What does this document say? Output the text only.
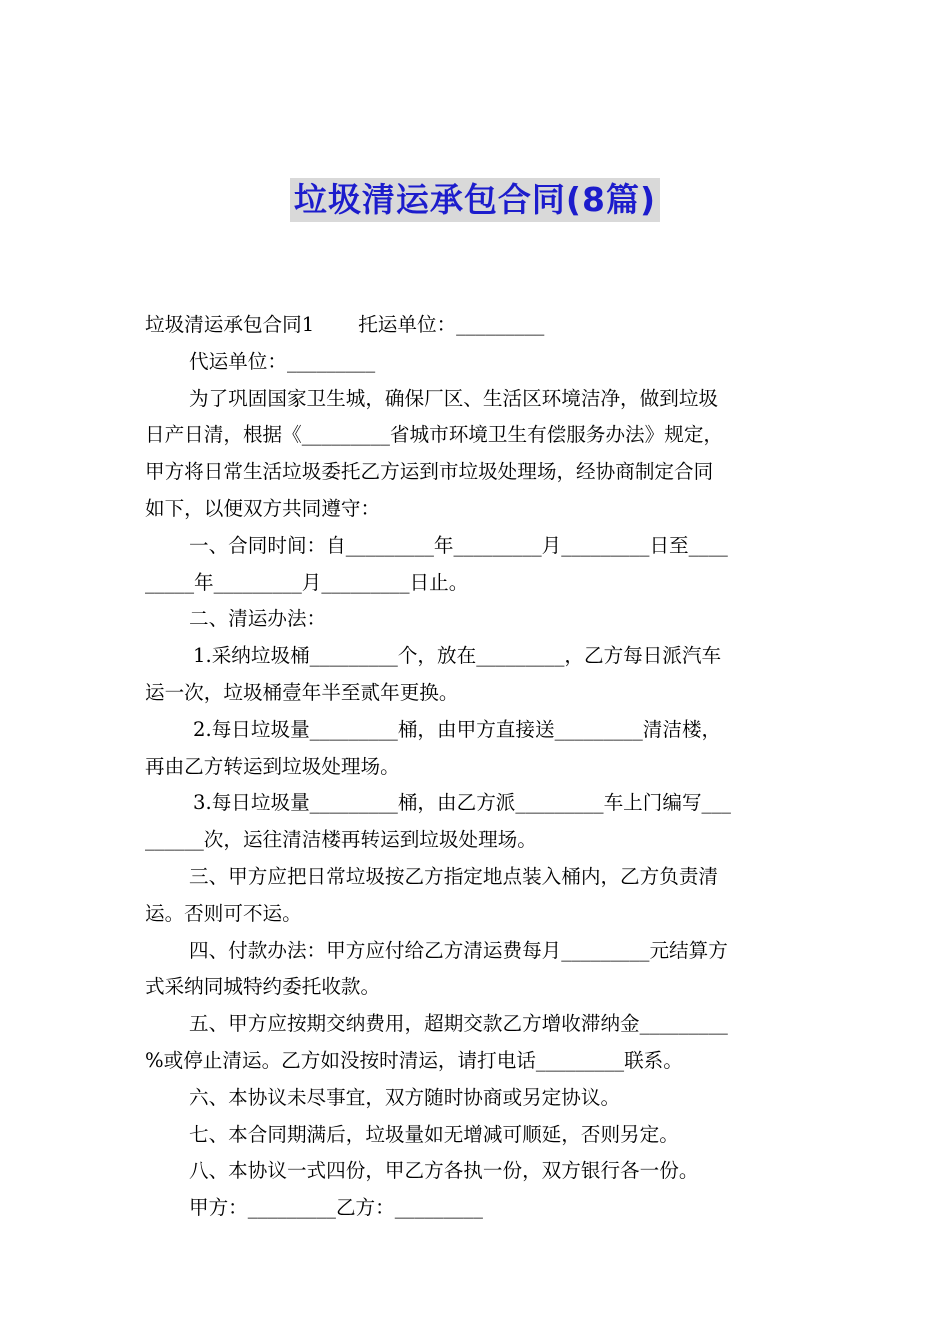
垃圾清运承包合同(8篇)
垃圾清运承包合同1 托运单位：_________
代运单位：_________
为了巩固国家卫生城，确保厂区、生活区环境洁净，做到垃圾
日产日清，根据《_________省城市环境卫生有偿服务办法》规定，
甲方将日常生活垃圾委托乙方运到市垃圾处理场，经协商制定合同
如下，以便双方共同遵守：
一、合同时间：自_________年_________月_________日至____
_____年_________月_________日止。
二、清运办法：
1.采纳垃圾桶_________个，放在_________，乙方每日派汽车
运一次，垃圾桶壹年半至贰年更换。
2.每日垃圾量_________桶，由甲方直接送_________清洁楼，
再由乙方转运到垃圾处理场。
3.每日垃圾量_________桶，由乙方派_________车上门编写___
______次，运往清洁楼再转运到垃圾处理场。
三、甲方应把日常垃圾按乙方指定地点装入桶内，乙方负责清
运。否则可不运。
四、付款办法：甲方应付给乙方清运费每月_________元结算方
式采纳同城特约委托收款。
五、甲方应按期交纳费用，超期交款乙方增收滞纳金_________
%或停止清运。乙方如没按时清运，请打电话_________联系。
六、本协议未尽事宜，双方随时协商或另定协议。
七、本合同期满后，垃圾量如无增减可顺延，否则另定。
八、本协议一式四份，甲乙方各执一份，双方银行各一份。
甲方：_________乙方：_________
